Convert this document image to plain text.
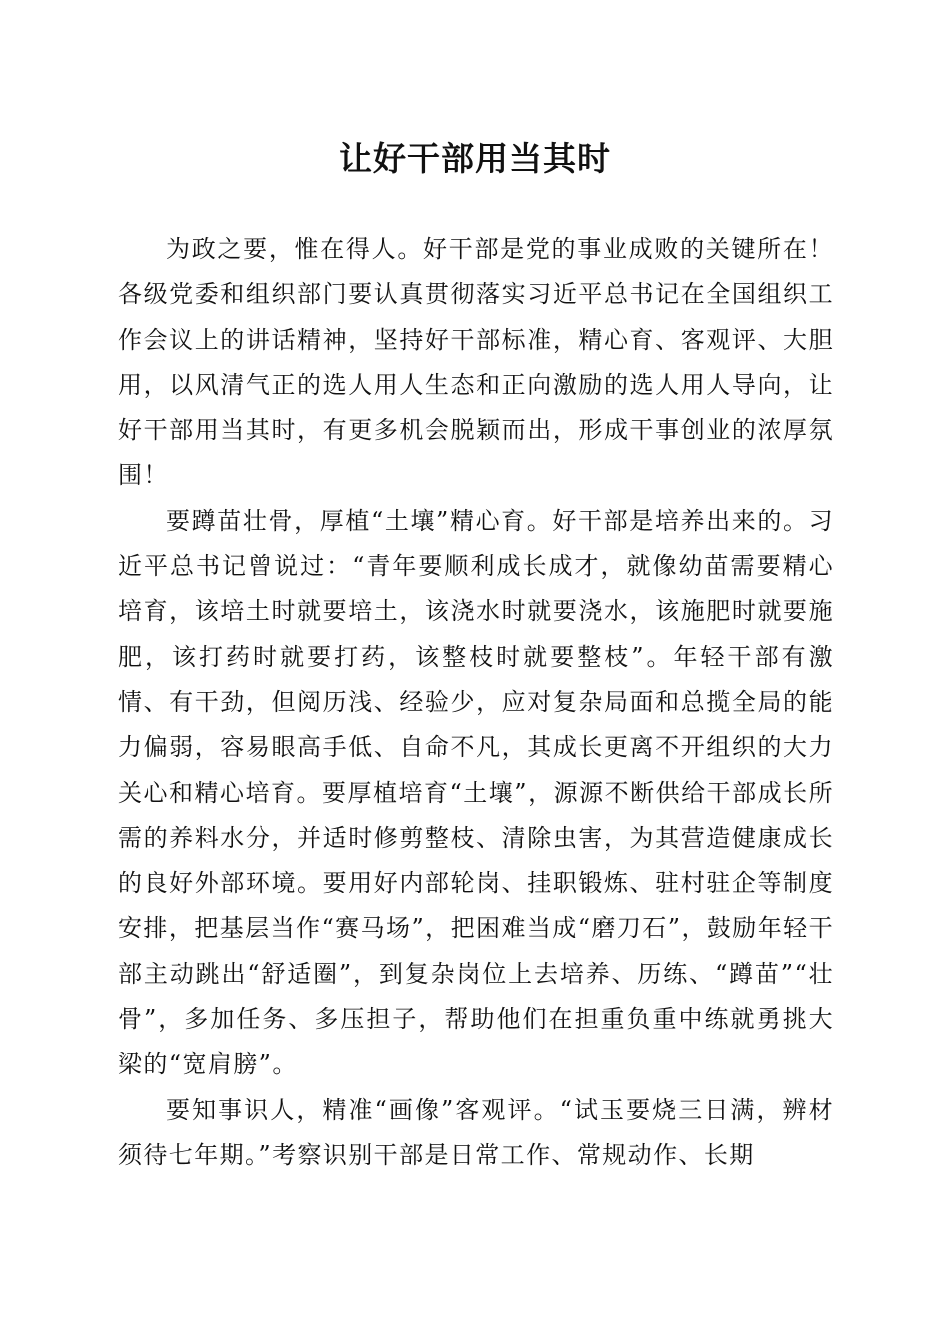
让好干部用当其时

为政之要，惟在得人。好干部是党的事业成败的关键所在！各级党委和组织部门要认真贯彻落实习近平总书记在全国组织工作会议上的讲话精神，坚持好干部标准，精心育、客观评、大胆用，以风清气正的选人用人生态和正向激励的选人用人导向，让好干部用当其时，有更多机会脱颖而出，形成干事创业的浓厚氛围！

要蹲苗壮骨，厚植“土壤”精心育。好干部是培养出来的。习近平总书记曾说过：“青年要顺利成长成才，就像幼苗需要精心培育，该培土时就要培土，该浇水时就要浇水，该施肥时就要施肥，该打药时就要打药，该整枝时就要整枝”。年轻干部有激情、有干劲，但阅历浅、经验少，应对复杂局面和总揽全局的能力偏弱，容易眼高手低、自命不凡，其成长更离不开组织的大力关心和精心培育。要厚植培育“土壤”，源源不断供给干部成长所需的养料水分，并适时修剪整枝、清除虫害，为其营造健康成长的良好外部环境。要用好内部轮岗、挂职锻炼、驻村驻企等制度安排，把基层当作“赛马场”，把困难当成“磨刀石”，鼓励年轻干部主动跳出“舒适圈”，到复杂岗位上去培养、历练、“蹲苗”“壮骨”，多加任务、多压担子，帮助他们在担重负重中练就勇挑大梁的“宽肩膀”。

要知事识人，精准“画像”客观评。“试玉要烧三日满，辨材须待七年期。”考察识别干部是日常工作、常规动作、长期
